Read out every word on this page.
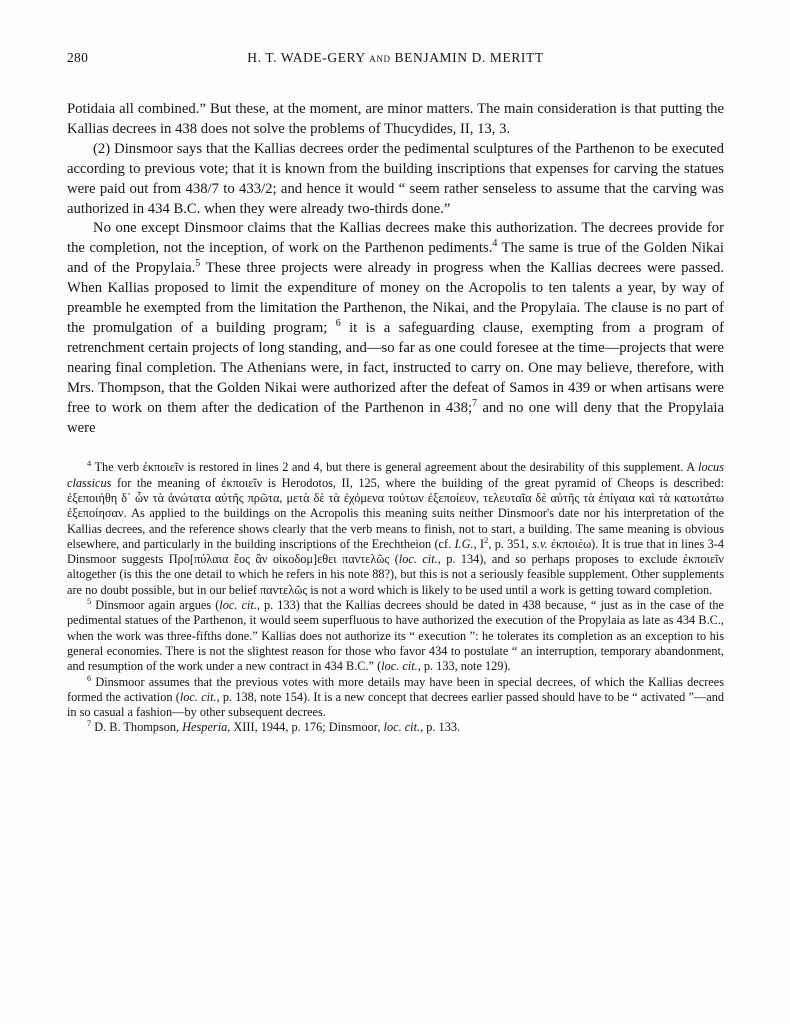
280	H. T. WADE-GERY and BENJAMIN D. MERITT

Potidaia all combined.” But these, at the moment, are minor matters. The main consideration is that putting the Kallias decrees in 438 does not solve the problems of Thucydides, II, 13, 3.

(2) Dinsmoor says that the Kallias decrees order the pedimental sculptures of the Parthenon to be executed according to previous vote; that it is known from the building inscriptions that expenses for carving the statues were paid out from 438/7 to 433/2; and hence it would “ seem rather senseless to assume that the carving was authorized in 434 B.C. when they were already two-thirds done.”

No one except Dinsmoor claims that the Kallias decrees make this authorization. The decrees provide for the completion, not the inception, of work on the Parthenon pediments.$^4$ The same is true of the Golden Nikai and of the Propylaia.$^5$ These three projects were already in progress when the Kallias decrees were passed. When Kallias proposed to limit the expenditure of money on the Acropolis to ten talents a year, by way of preamble he exempted from the limitation the Parthenon, the Nikai, and the Propylaia. The clause is no part of the promulgation of a building program; $^6$ it is a safeguarding clause, exempting from a program of retrenchment certain projects of long standing, and—so far as one could foresee at the time—projects that were nearing final completion. The Athenians were, in fact, instructed to carry on. One may believe, therefore, with Mrs. Thompson, that the Golden Nikai were authorized after the defeat of Samos in 439 or when artisans were free to work on them after the dedication of the Parthenon in 438;$^7$ and no one will deny that the Propylaia were

$^4$ The verb ἐκποιεῖν is restored in lines 2 and 4, but there is general agreement about the desirability of this supplement. A locus classicus for the meaning of ἐκποιεῖν is Herodotos, II, 125, where the building of the great pyramid of Cheops is described: ἐξεποιήθη δ᾽ ὦν τὰ ἀνώτατα αὐτῆς πρῶτα, μετὰ δὲ τὰ ἐχόμενα τούτων ἐξεποίευν, τελευταῖα δὲ αὐτῆς τὰ ἐπίγαια καὶ τὰ κατωτάτω ἐξεποίησαν. As applied to the buildings on the Acropolis this meaning suits neither Dinsmoor's date nor his interpretation of the Kallias decrees, and the reference shows clearly that the verb means to finish, not to start, a building. The same meaning is obvious elsewhere, and particularly in the building inscriptions of the Erechtheion (cf. I.G., $I^2$, p. 351, s.v. ἐκποιέω). It is true that in lines 3-4 Dinsmoor suggests Προ[πύλαια ἕος ἂν οἰκοδομ]εθει παντελῶς (loc. cit., p. 134), and so perhaps proposes to exclude ἐκποιεῖν altogether (is this the one detail to which he refers in his note 88?), but this is not a seriously feasible supplement. Other supplements are no doubt possible, but in our belief παντελῶς is not a word which is likely to be used until a work is getting toward completion.

$^5$ Dinsmoor again argues (loc. cit., p. 133) that the Kallias decrees should be dated in 438 because, “ just as in the case of the pedimental statues of the Parthenon, it would seem superfluous to have authorized the execution of the Propylaia as late as 434 B.C., when the work was three-fifths done.” Kallias does not authorize its “ execution ”: he tolerates its completion as an exception to his general economies. There is not the slightest reason for those who favor 434 to postulate “ an interruption, temporary abandonment, and resumption of the work under a new contract in 434 B.C.” (loc. cit., p. 133, note 129).

$^6$ Dinsmoor assumes that the previous votes with more details may have been in special decrees, of which the Kallias decrees formed the activation (loc. cit., p. 138, note 154). It is a new concept that decrees earlier passed should have to be “ activated ”—and in so casual a fashion—by other subsequent decrees.

$^7$ D. B. Thompson, Hesperia, XIII, 1944, p. 176; Dinsmoor, loc. cit., p. 133.
